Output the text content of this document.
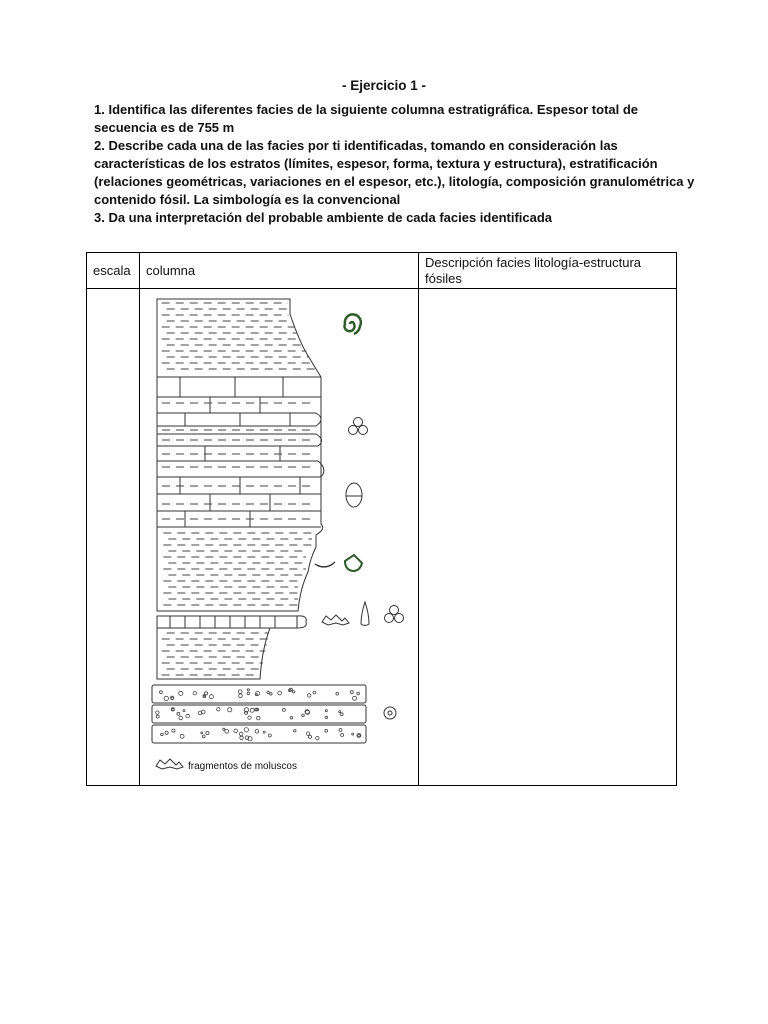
- Ejercicio 1 -

1. Identifica las diferentes facies de la siguiente columna estratigráfica. Espesor total de secuencia es de 755 m

2. Describe cada una de las facies por ti identificadas, tomando en consideración las características de los estratos (límites, espesor, forma, textura y estructura), estratificación (relaciones geométricas, variaciones en el espesor, etc.), litología, composición granulométrica y contenido fósil. La simbología es la convencional

3. Da una interpretación del probable ambiente de cada facies identificada

escala	columna	Descripción facies litología-estructura fósiles

fragmentos de moluscos	
